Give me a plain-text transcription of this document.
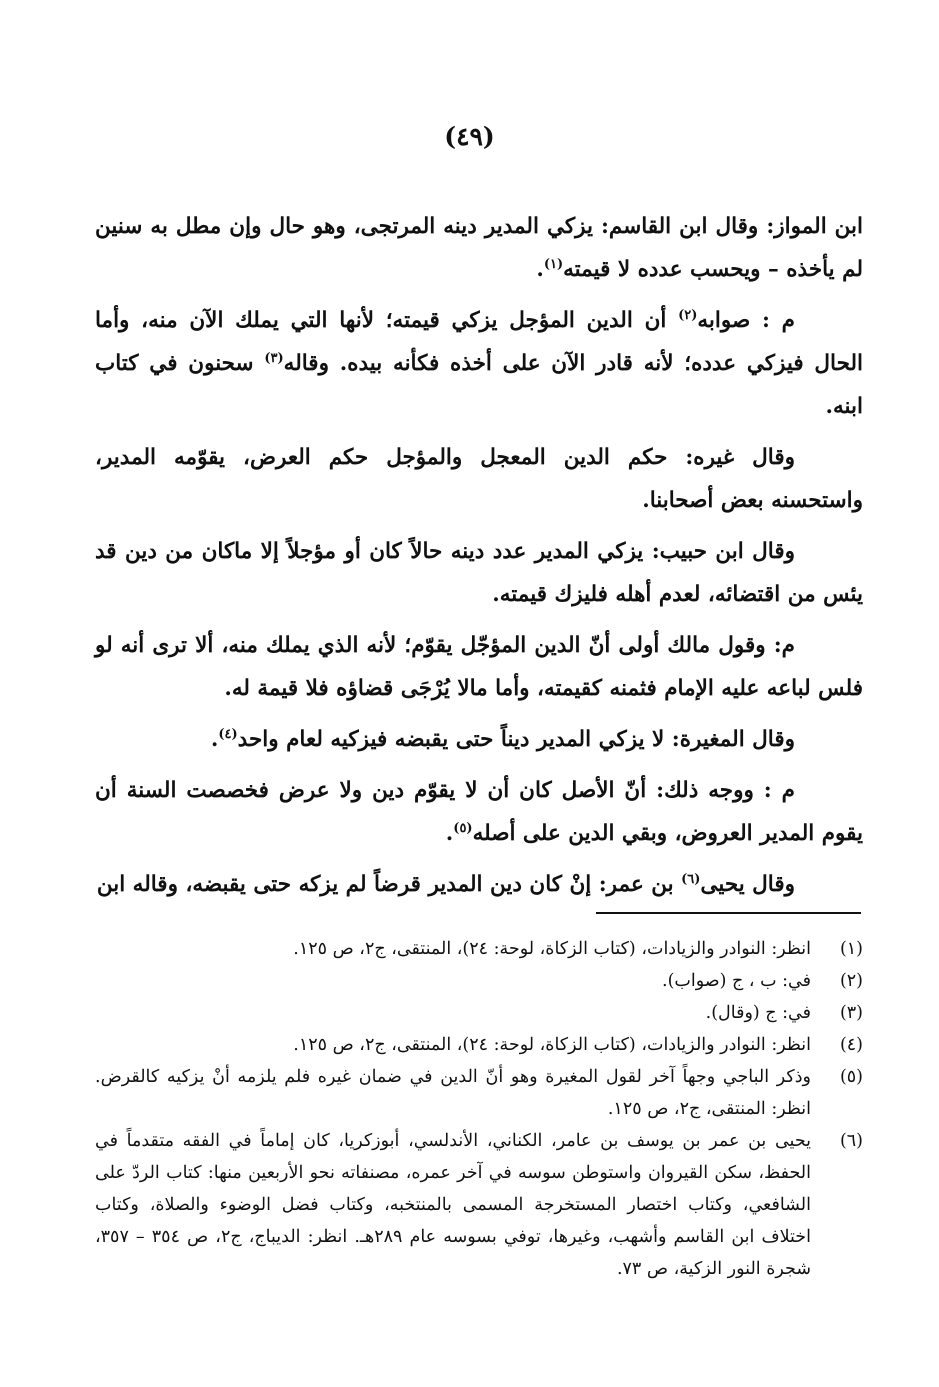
(٤٩)

ابن المواز: وقال ابن القاسم: يزكي المدير دينه المرتجى، وهو حال وإن مطل به سنين لم يأخذه – ويحسب عدده لا قيمته$^{(١)}$.

م : صوابه$^{(٢)}$ أن الدين المؤجل يزكي قيمته؛ لأنها التي يملك الآن منه، وأما الحال فيزكي عدده؛ لأنه قادر الآن على أخذه فكأنه بيده. وقاله$^{(٣)}$ سحنون في كتاب ابنه.

وقال غيره: حكم الدين المعجل والمؤجل حكم العرض، يقوّمه المدير، واستحسنه بعض أصحابنا.

وقال ابن حبيب: يزكي المدير عدد دينه حالاً كان أو مؤجلاً إلا ماكان من دين قد يئس من اقتضائه، لعدم أهله فليزك قيمته.

م: وقول مالك أولى أنّ الدين المؤجّل يقوّم؛ لأنه الذي يملك منه، ألا ترى أنه لو فلس لباعه عليه الإمام فثمنه كقيمته، وأما مالا يُرْجَى قضاؤه فلا قيمة له.

وقال المغيرة: لا يزكي المدير ديناً حتى يقبضه فيزكيه لعام واحد$^{(٤)}$.

م : ووجه ذلك: أنّ الأصل كان أن لا يقوّم دين ولا عرض فخصصت السنة أن يقوم المدير العروض، وبقي الدين على أصله$^{(٥)}$.

وقال يحيى$^{(٦)}$ بن عمر: إنْ كان دين المدير قرضاً لم يزكه حتى يقبضه، وقاله ابن

(١)
انظر: النوادر والزيادات، (كتاب الزكاة، لوحة: ٢٤)، المنتقى، ج٢، ص ١٢٥.
(٢)
في: ب ، ج (صواب).
(٣)
في: ج (وقال).
(٤)
انظر: النوادر والزيادات، (كتاب الزكاة، لوحة: ٢٤)، المنتقى، ج٢، ص ١٢٥.
(٥)
وذكر الباجي وجهاً آخر لقول المغيرة وهو أنّ الدين في ضمان غيره فلم يلزمه أنْ يزكيه كالقرض. انظر: المنتقى، ج٢، ص ١٢٥.
(٦)
يحيى بن عمر بن يوسف بن عامر، الكناني، الأندلسي، أبوزكريا، كان إماماً في الفقه متقدماً في الحفظ، سكن القيروان واستوطن سوسه في آخر عمره، مصنفاته نحو الأربعين منها: كتاب الردّ على الشافعي، وكتاب اختصار المستخرجة المسمى بالمنتخبه، وكتاب فضل الوضوء والصلاة، وكتاب اختلاف ابن القاسم وأشهب، وغيرها، توفي بسوسه عام ٢٨٩هـ. انظر: الديباج، ج٢، ص ٣٥٤ – ٣٥٧، شجرة النور الزكية، ص ٧٣.
